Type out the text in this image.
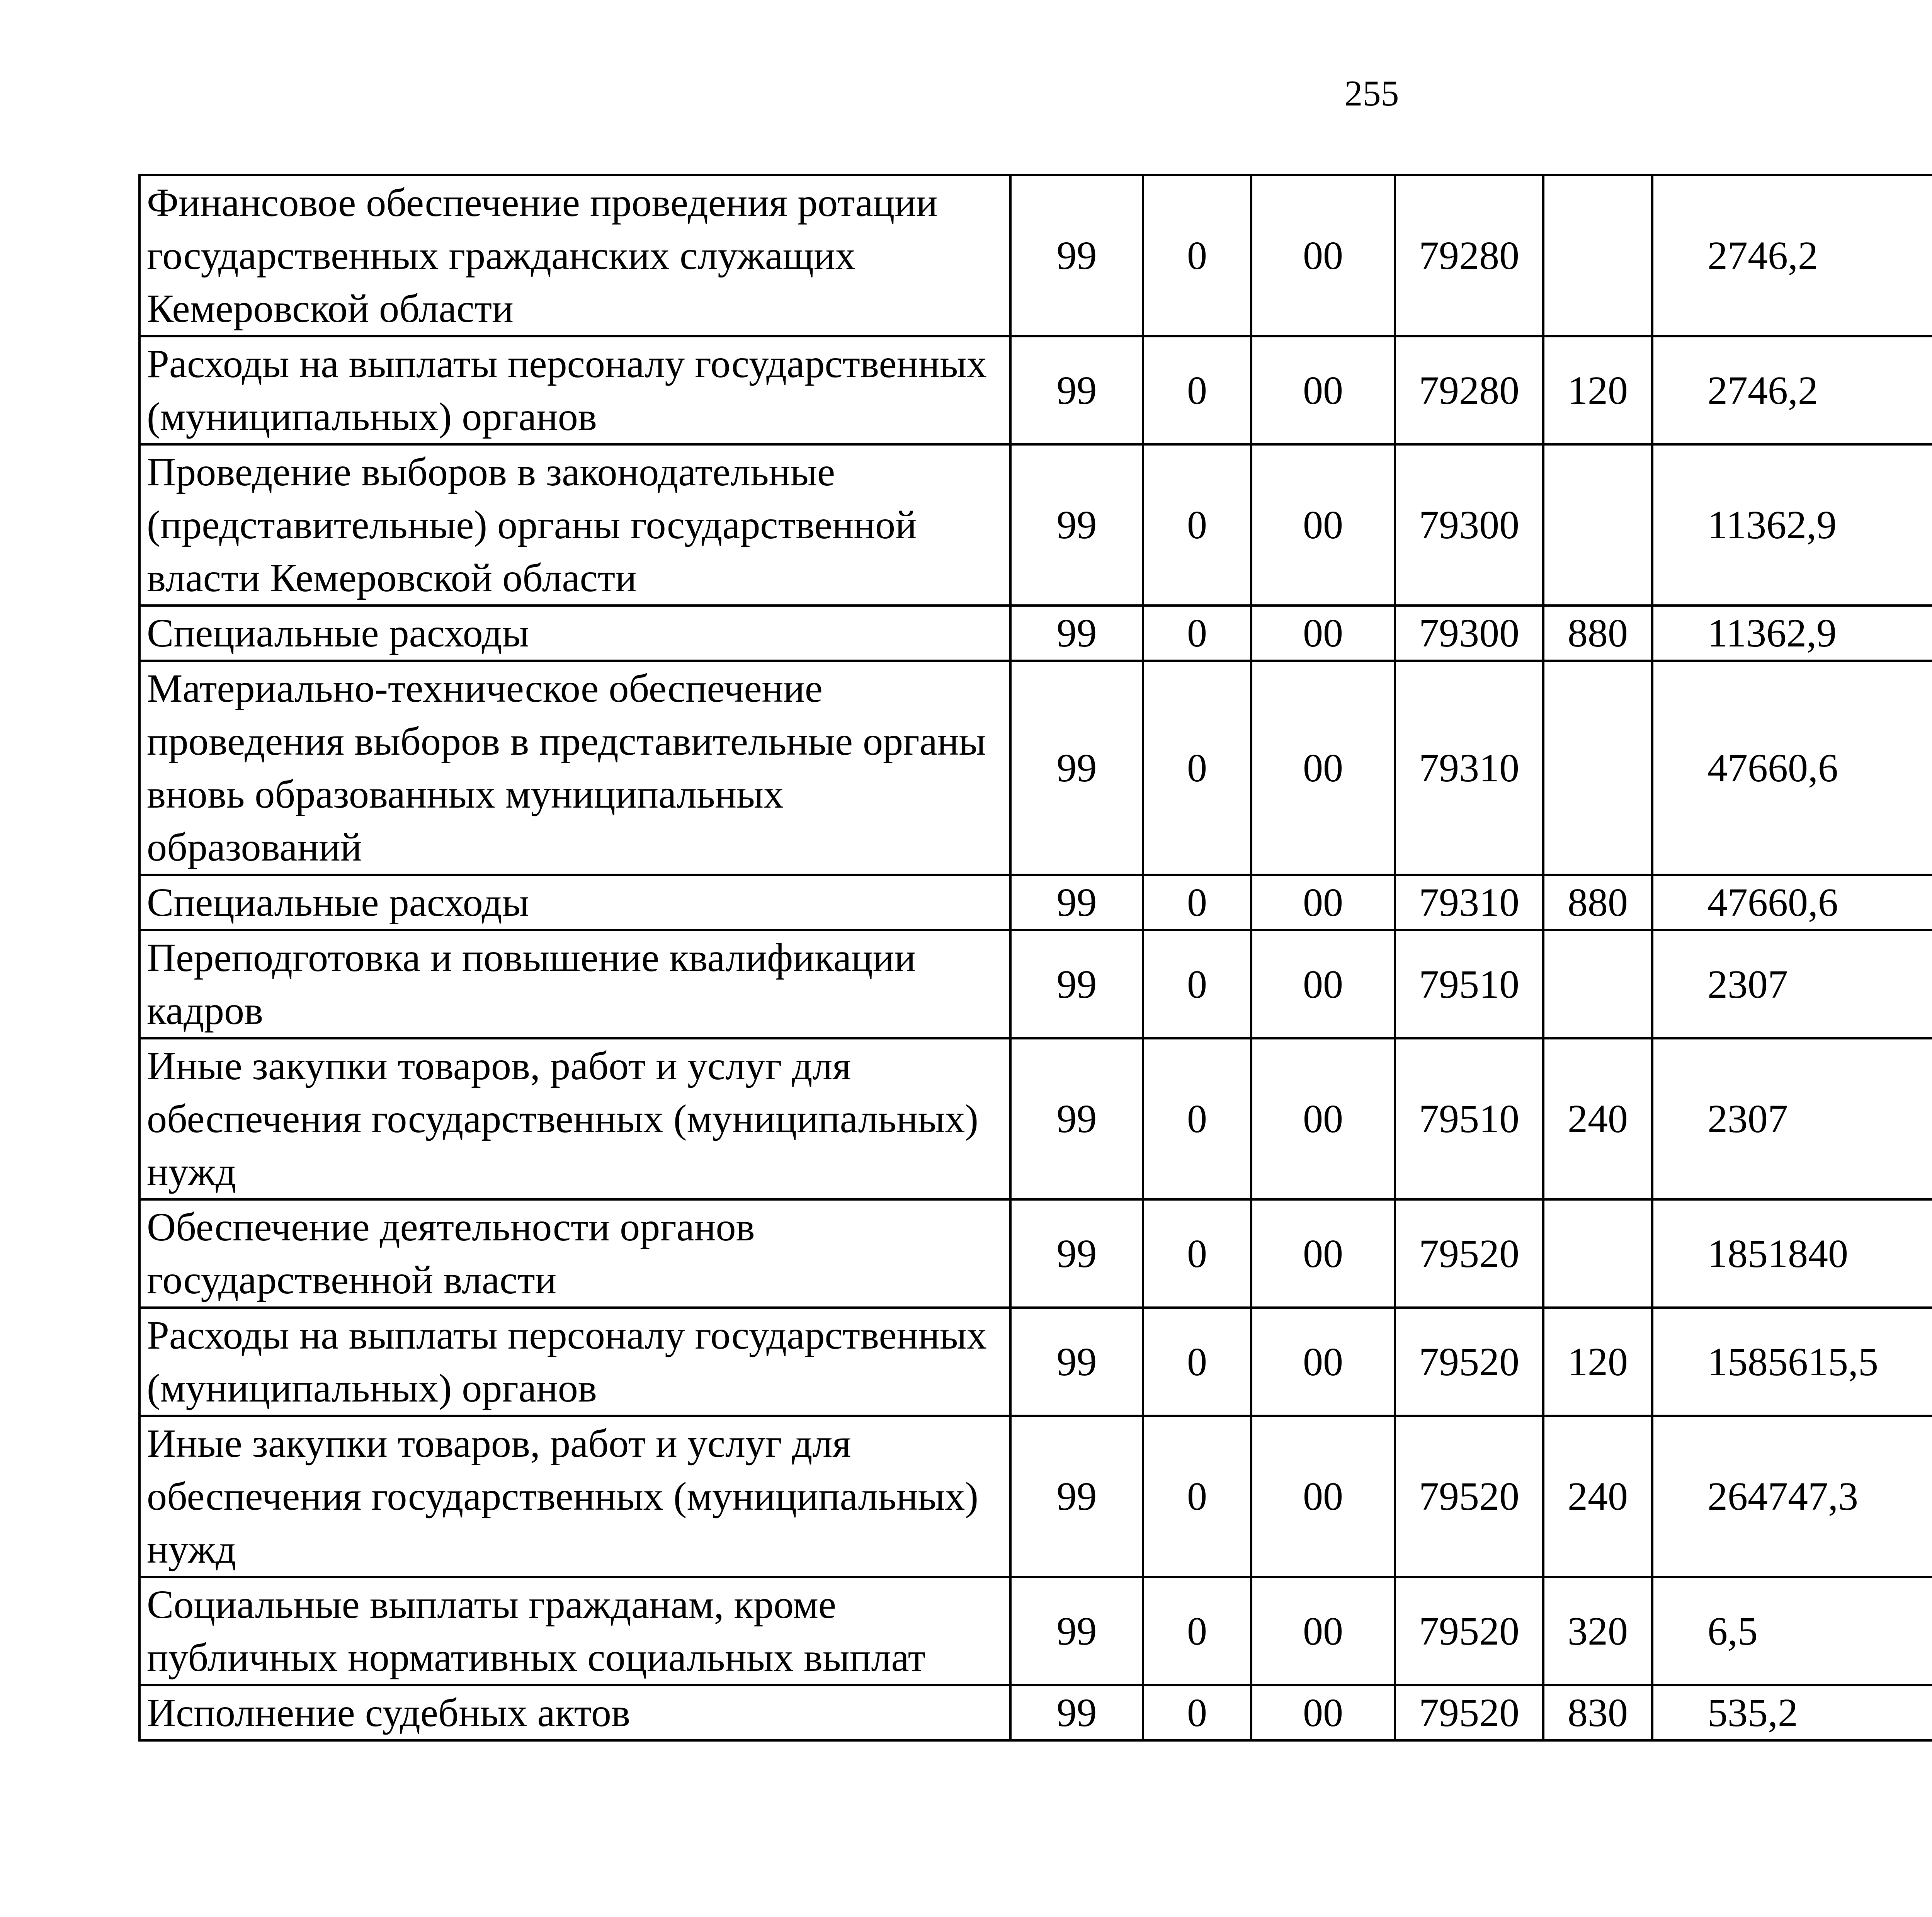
255
Финансовое обеспечение проведения ротации государственных гражданских служащих Кемеровской области	99	0	00	79280		2746,2		
Расходы на выплаты персоналу государственных (муниципальных) органов	99	0	00	79280	120	2746,2		
Проведение выборов в законодательные (представительные) органы государственной власти Кемеровской области	99	0	00	79300		11362,9		
Специальные расходы	99	0	00	79300	880	11362,9		
Материально-техническое обеспечение проведения выборов в представительные органы вновь образованных муниципальных образований	99	0	00	79310		47660,6		
Специальные расходы	99	0	00	79310	880	47660,6		
Переподготовка и повышение квалификации кадров	99	0	00	79510		2307		
Иные закупки товаров, работ и услуг для обеспечения государственных (муниципальных) нужд	99	0	00	79510	240	2307		
Обеспечение деятельности органов государственной власти	99	0	00	79520		1851840		
Расходы на выплаты персоналу государственных (муниципальных) органов	99	0	00	79520	120	1585615,5		
Иные закупки товаров, работ и услуг для обеспечения государственных (муниципальных) нужд	99	0	00	79520	240	264747,3		
Социальные выплаты гражданам, кроме публичных нормативных социальных выплат	99	0	00	79520	320	6,5		
Исполнение судебных актов	99	0	00	79520	830	535,2		
